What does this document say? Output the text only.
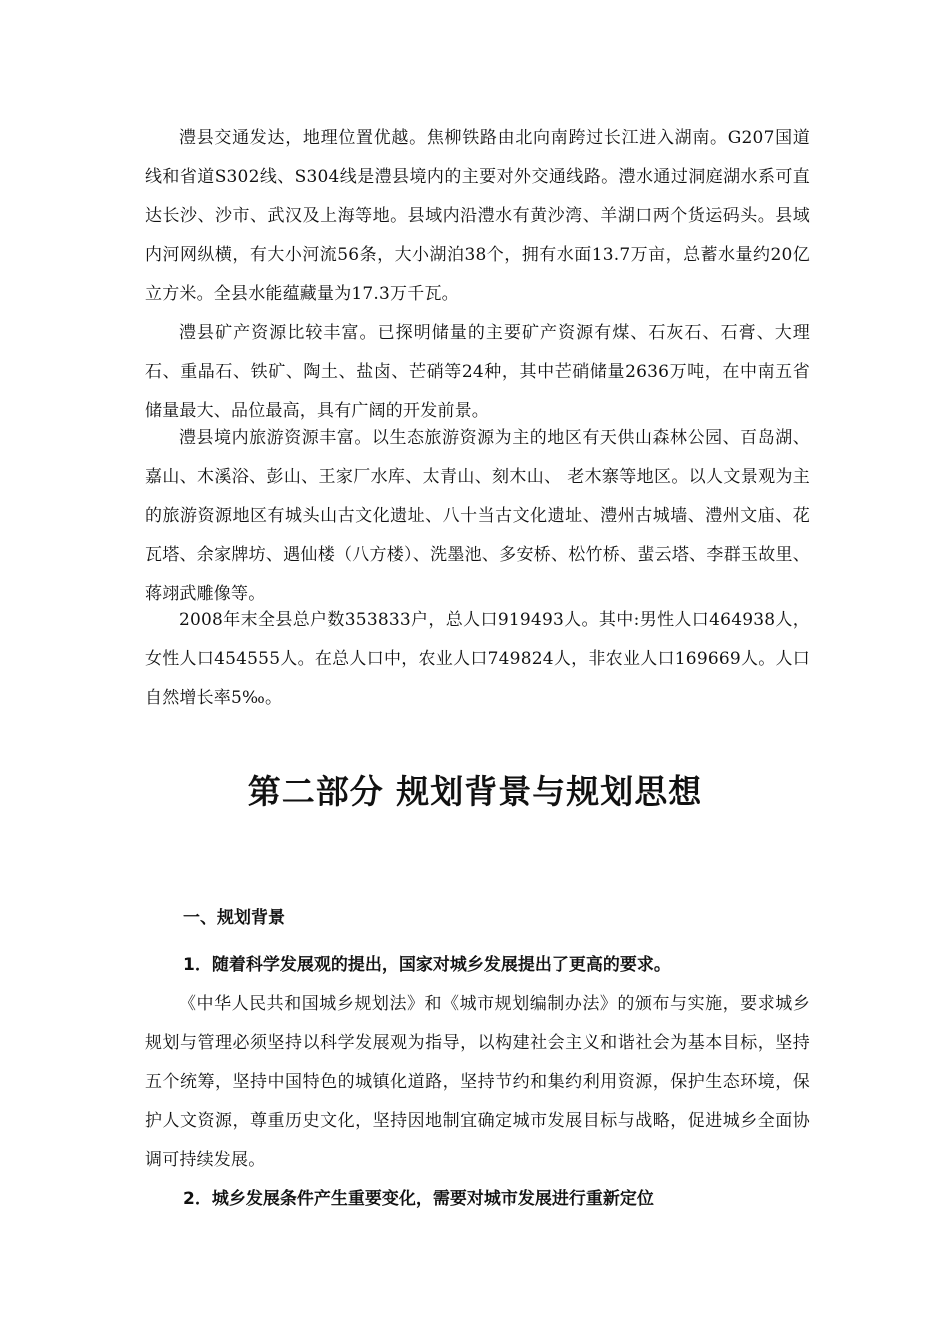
澧县交通发达，地理位置优越。焦柳铁路由北向南跨过长江进入湖南。G207国道线和省道S302线、S304线是澧县境内的主要对外交通线路。澧水通过洞庭湖水系可直达长沙、沙市、武汉及上海等地。县域内沿澧水有黄沙湾、羊湖口两个货运码头。县域内河网纵横，有大小河流56条，大小湖泊38个，拥有水面13.7万亩，总蓄水量约20亿立方米。全县水能蕴藏量为17.3万千瓦。

澧县矿产资源比较丰富。已探明储量的主要矿产资源有煤、石灰石、石膏、大理石、重晶石、铁矿、陶土、盐卤、芒硝等24种，其中芒硝储量2636万吨，在中南五省储量最大、品位最高，具有广阔的开发前景。

澧县境内旅游资源丰富。以生态旅游资源为主的地区有天供山森林公园、百岛湖、嘉山、木溪浴、彭山、王家厂水库、太青山、刻木山、 老木寨等地区。以人文景观为主的旅游资源地区有城头山古文化遗址、八十当古文化遗址、澧州古城墙、澧州文庙、花瓦塔、余家牌坊、遇仙楼（八方楼）、洗墨池、多安桥、松竹桥、蜚云塔、李群玉故里、蒋翊武雕像等。

2008年末全县总户数353833户，总人口919493人。其中:男性人口464938人，女性人口454555人。在总人口中，农业人口749824人，非农业人口169669人。人口自然增长率5‰。

第二部分 规划背景与规划思想
一、规划背景
1．随着科学发展观的提出，国家对城乡发展提出了更高的要求。

《中华人民共和国城乡规划法》和《城市规划编制办法》的颁布与实施，要求城乡规划与管理必须坚持以科学发展观为指导，以构建社会主义和谐社会为基本目标，坚持五个统筹，坚持中国特色的城镇化道路，坚持节约和集约利用资源，保护生态环境，保护人文资源，尊重历史文化，坚持因地制宜确定城市发展目标与战略，促进城乡全面协调可持续发展。

2．城乡发展条件产生重要变化，需要对城市发展进行重新定位
